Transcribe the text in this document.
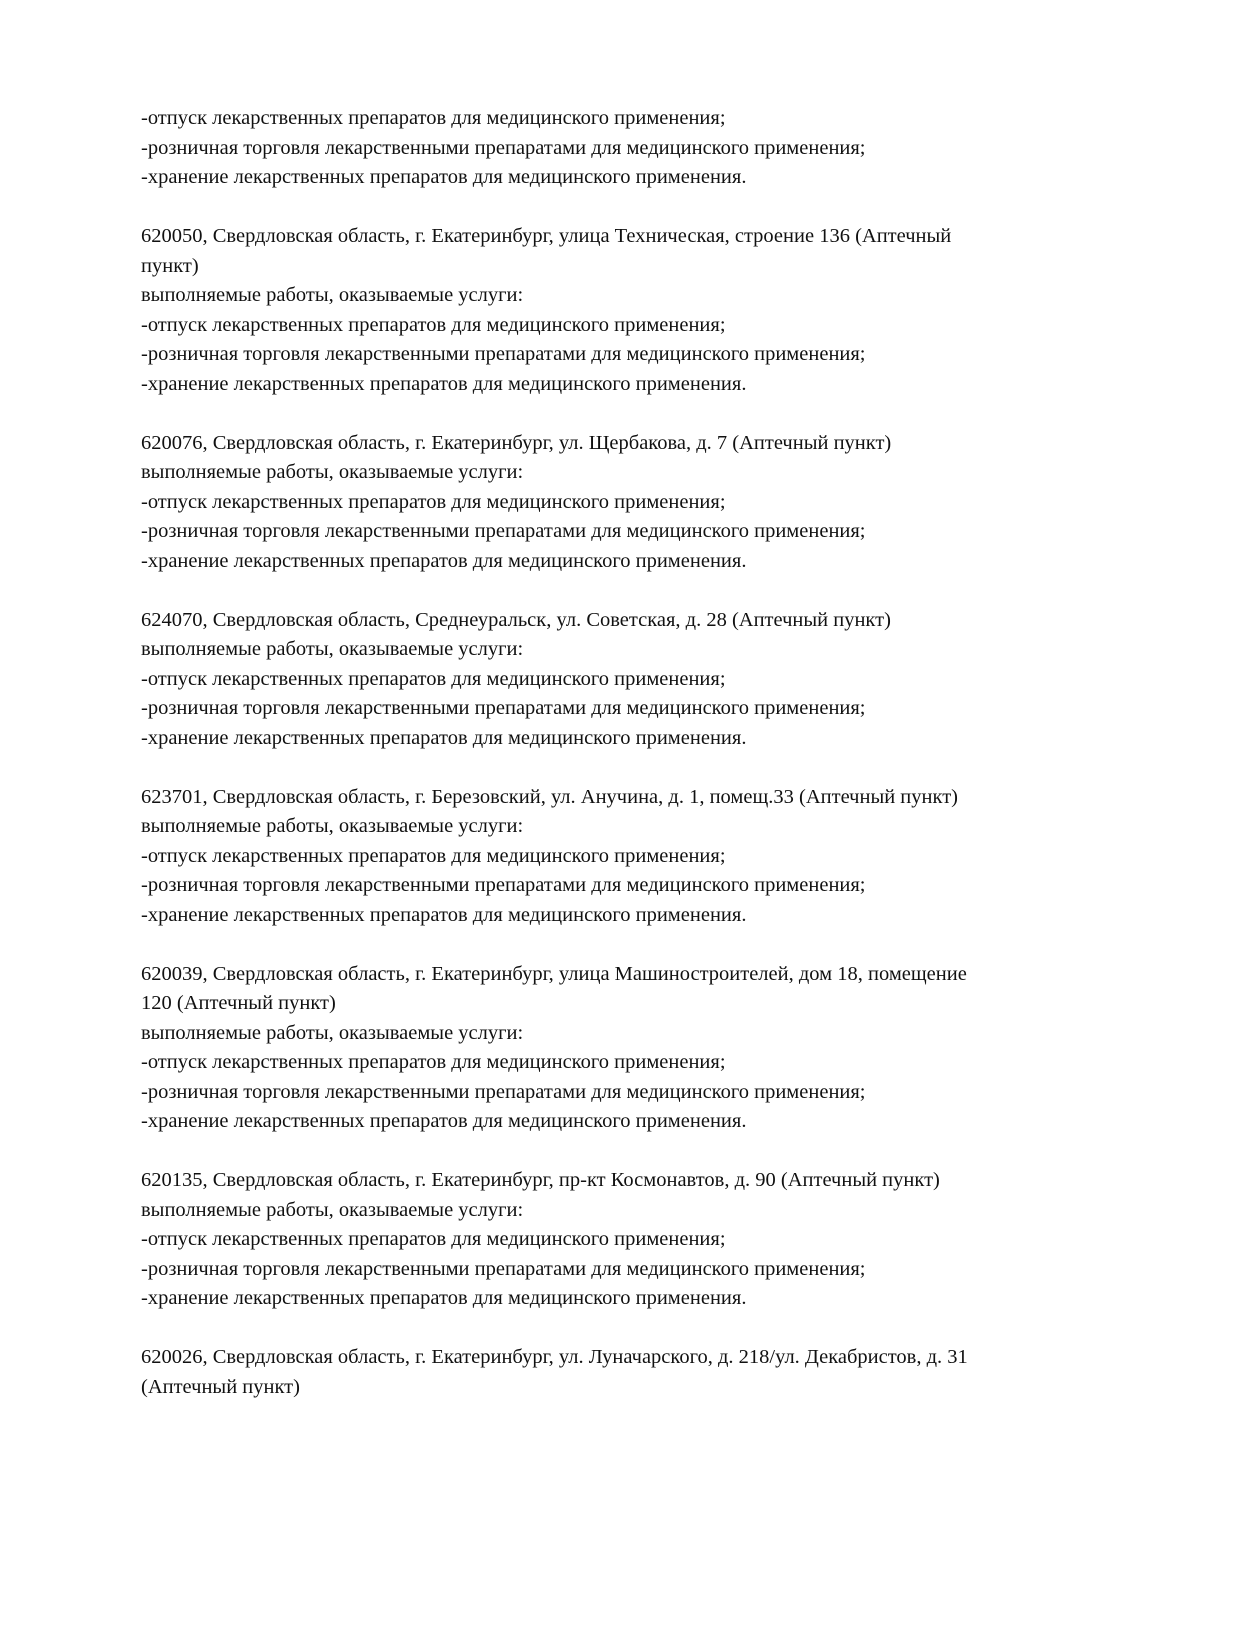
-отпуск лекарственных препаратов для медицинского применения;
-розничная торговля лекарственными препаратами для медицинского применения;
-хранение лекарственных препаратов для медицинского применения.
620050, Свердловская область, г. Екатеринбург, улица Техническая, строение 136 (Аптечный
пункт)
выполняемые работы, оказываемые услуги:
-отпуск лекарственных препаратов для медицинского применения;
-розничная торговля лекарственными препаратами для медицинского применения;
-хранение лекарственных препаратов для медицинского применения.
620076, Свердловская область, г. Екатеринбург, ул. Щербакова, д. 7 (Аптечный пункт)
выполняемые работы, оказываемые услуги:
-отпуск лекарственных препаратов для медицинского применения;
-розничная торговля лекарственными препаратами для медицинского применения;
-хранение лекарственных препаратов для медицинского применения.
624070, Свердловская область, Среднеуральск, ул. Советская, д. 28 (Аптечный пункт)
выполняемые работы, оказываемые услуги:
-отпуск лекарственных препаратов для медицинского применения;
-розничная торговля лекарственными препаратами для медицинского применения;
-хранение лекарственных препаратов для медицинского применения.
623701, Свердловская область, г. Березовский, ул. Анучина, д. 1, помещ.33 (Аптечный пункт)
выполняемые работы, оказываемые услуги:
-отпуск лекарственных препаратов для медицинского применения;
-розничная торговля лекарственными препаратами для медицинского применения;
-хранение лекарственных препаратов для медицинского применения.
620039, Свердловская область, г. Екатеринбург, улица Машиностроителей, дом 18, помещение
120 (Аптечный пункт)
выполняемые работы, оказываемые услуги:
-отпуск лекарственных препаратов для медицинского применения;
-розничная торговля лекарственными препаратами для медицинского применения;
-хранение лекарственных препаратов для медицинского применения.
620135, Свердловская область, г. Екатеринбург, пр-кт Космонавтов, д. 90 (Аптечный пункт)
выполняемые работы, оказываемые услуги:
-отпуск лекарственных препаратов для медицинского применения;
-розничная торговля лекарственными препаратами для медицинского применения;
-хранение лекарственных препаратов для медицинского применения.
620026, Свердловская область, г. Екатеринбург, ул. Луначарского, д. 218/ул. Декабристов, д. 31
(Аптечный пункт)
